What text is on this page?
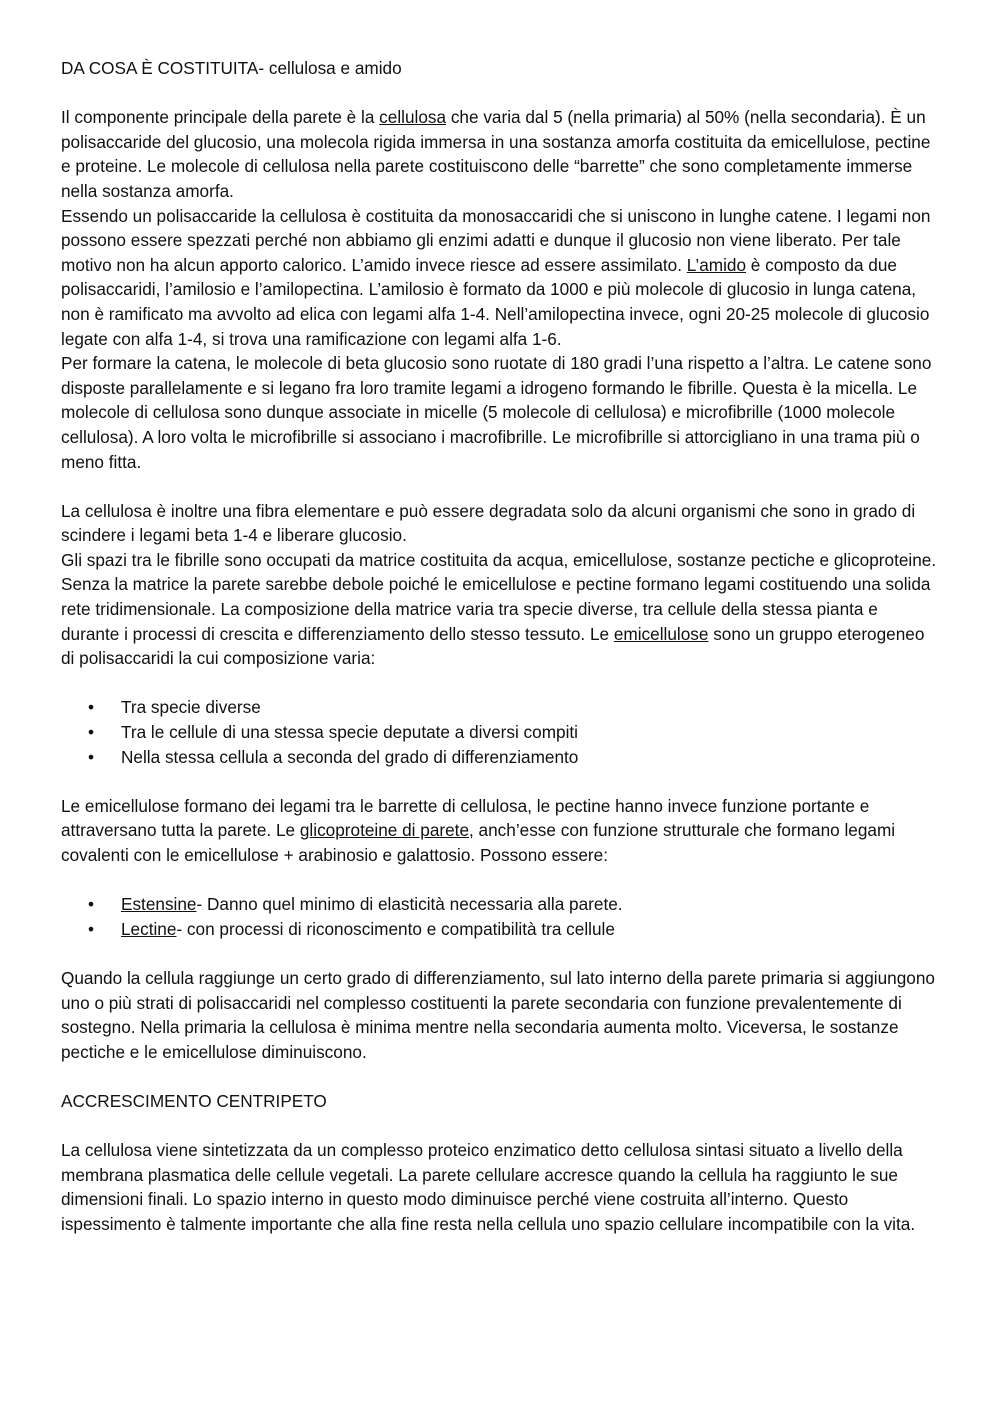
DA COSA È COSTITUITA- cellulosa e amido

Il componente principale della parete è la cellulosa che varia dal 5 (nella primaria) al 50% (nella secondaria). È un polisaccaride del glucosio, una molecola rigida immersa in una sostanza amorfa costituita da emicellulose, pectine e proteine. Le molecole di cellulosa nella parete costituiscono delle “barrette” che sono completamente immerse nella sostanza amorfa.

Essendo un polisaccaride la cellulosa è costituita da monosaccaridi che si uniscono in lunghe catene. I legami non possono essere spezzati perché non abbiamo gli enzimi adatti e dunque il glucosio non viene liberato. Per tale motivo non ha alcun apporto calorico. L’amido invece riesce ad essere assimilato. L’amido è composto da due polisaccaridi, l’amilosio e l’amilopectina. L’amilosio è formato da 1000 e più molecole di glucosio in lunga catena, non è ramificato ma avvolto ad elica con legami alfa 1-4. Nell’amilopectina invece, ogni 20-25 molecole di glucosio legate con alfa 1-4, si trova una ramificazione con legami alfa 1-6.

Per formare la catena, le molecole di beta glucosio sono ruotate di 180 gradi l’una rispetto a l’altra. Le catene sono disposte parallelamente e si legano fra loro tramite legami a idrogeno formando le fibrille. Questa è la micella. Le molecole di cellulosa sono dunque associate in micelle (5 molecole di cellulosa) e microfibrille (1000 molecole cellulosa). A loro volta le microfibrille si associano i macrofibrille. Le microfibrille si attorcigliano in una trama più o meno fitta.

La cellulosa è inoltre una fibra elementare e può essere degradata solo da alcuni organismi che sono in grado di scindere i legami beta 1-4 e liberare glucosio.

Gli spazi tra le fibrille sono occupati da matrice costituita da acqua, emicellulose, sostanze pectiche e glicoproteine. Senza la matrice la parete sarebbe debole poiché le emicellulose e pectine formano legami costituendo una solida rete tridimensionale. La composizione della matrice varia tra specie diverse, tra cellule della stessa pianta e durante i processi di crescita e differenziamento dello stesso tessuto. Le emicellulose sono un gruppo eterogeneo di polisaccaridi la cui composizione varia:

• Tra specie diverse
• Tra le cellule di una stessa specie deputate a diversi compiti
• Nella stessa cellula a seconda del grado di differenziamento

Le emicellulose formano dei legami tra le barrette di cellulosa, le pectine hanno invece funzione portante e attraversano tutta la parete. Le glicoproteine di parete, anch’esse con funzione strutturale che formano legami covalenti con le emicellulose + arabinosio e galattosio. Possono essere:

• Estensine- Danno quel minimo di elasticità necessaria alla parete.
• Lectine- con processi di riconoscimento e compatibilità tra cellule

Quando la cellula raggiunge un certo grado di differenziamento, sul lato interno della parete primaria si aggiungono uno o più strati di polisaccaridi nel complesso costituenti la parete secondaria con funzione prevalentemente di sostegno. Nella primaria la cellulosa è minima mentre nella secondaria aumenta molto. Viceversa, le sostanze pectiche e le emicellulose diminuiscono.

ACCRESCIMENTO CENTRIPETO

La cellulosa viene sintetizzata da un complesso proteico enzimatico detto cellulosa sintasi situato a livello della membrana plasmatica delle cellule vegetali. La parete cellulare accresce quando la cellula ha raggiunto le sue dimensioni finali. Lo spazio interno in questo modo diminuisce perché viene costruita all’interno. Questo ispessimento è talmente importante che alla fine resta nella cellula uno spazio cellulare incompatibile con la vita.
